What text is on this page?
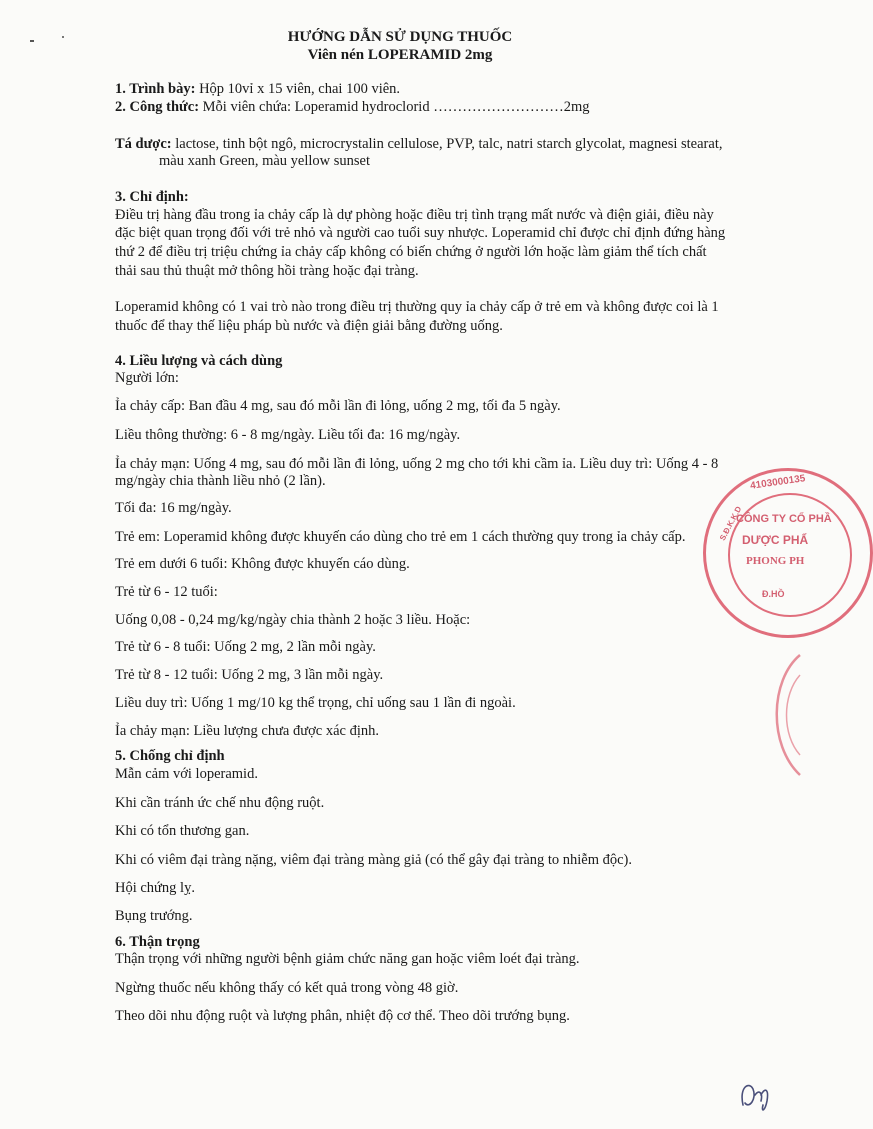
HƯỚNG DẪN SỬ DỤNG THUỐC
Viên nén LOPERAMID 2mg
1. Trình bày: Hộp 10vỉ x 15 viên, chai 100 viên.
2. Công thức: Mỗi viên chứa: Loperamid hydroclorid ………………………2mg
Tá dược: lactose, tinh bột ngô, microcrystalin cellulose, PVP, talc, natri starch glycolat, magnesi stearat,
màu xanh Green, màu yellow sunset
3. Chỉ định:
Điều trị hàng đầu trong ỉa chảy cấp là dự phòng hoặc điều trị tình trạng mất nước và điện giải, điều này
đặc biệt quan trọng đối với trẻ nhỏ và người cao tuổi suy nhược. Loperamid chỉ được chỉ định đứng hàng
thứ 2 để điều trị triệu chứng ỉa chảy cấp không có biến chứng ở người lớn hoặc làm giảm thể tích chất
thải sau thủ thuật mở thông hồi tràng hoặc đại tràng.
Loperamid không có 1 vai trò nào trong điều trị thường quy ỉa chảy cấp ở trẻ em và không được coi là 1
thuốc để thay thế liệu pháp bù nước và điện giải bằng đường uống.
4. Liều lượng và cách dùng
Người lớn:
Ỉa chảy cấp: Ban đầu 4 mg, sau đó mỗi lần đi lỏng, uống 2 mg, tối đa 5 ngày.
Liều thông thường: 6 - 8 mg/ngày. Liều tối đa: 16 mg/ngày.
Ỉa chảy mạn: Uống 4 mg, sau đó mỗi lần đi lỏng, uống 2 mg cho tới khi cầm ỉa. Liều duy trì: Uống 4 - 8
mg/ngày chia thành liều nhỏ (2 lần).
Tối đa: 16 mg/ngày.
Trẻ em: Loperamid không được khuyến cáo dùng cho trẻ em 1 cách thường quy trong ỉa chảy cấp.
Trẻ em dưới 6 tuổi: Không được khuyến cáo dùng.
Trẻ từ 6 - 12 tuổi:
Uống 0,08 - 0,24 mg/kg/ngày chia thành 2 hoặc 3 liều. Hoặc:
Trẻ từ 6 - 8 tuổi: Uống 2 mg, 2 lần mỗi ngày.
Trẻ từ 8 - 12 tuổi: Uống 2 mg, 3 lần mỗi ngày.
Liều duy trì: Uống 1 mg/10 kg thể trọng, chỉ uống sau 1 lần đi ngoài.
Ỉa chảy mạn: Liều lượng chưa được xác định.
5. Chống chỉ định
Mẫn cảm với loperamid.
Khi cần tránh ức chế nhu động ruột.
Khi có tổn thương gan.
Khi có viêm đại tràng nặng, viêm đại tràng màng giả (có thể gây đại tràng to nhiễm độc).
Hội chứng lỵ.
Bụng trướng.
6. Thận trọng
Thận trọng với những người bệnh giảm chức năng gan hoặc viêm loét đại tràng.
Ngừng thuốc nếu không thấy có kết quả trong vòng 48 giờ.
Theo dõi nhu động ruột và lượng phân, nhiệt độ cơ thể. Theo dõi trướng bụng.
S.Đ.K.K.D
4103000135
CÔNG TY CỔ PHẦ
DƯỢC PHẨ
PHONG PH
Đ.HỒ
